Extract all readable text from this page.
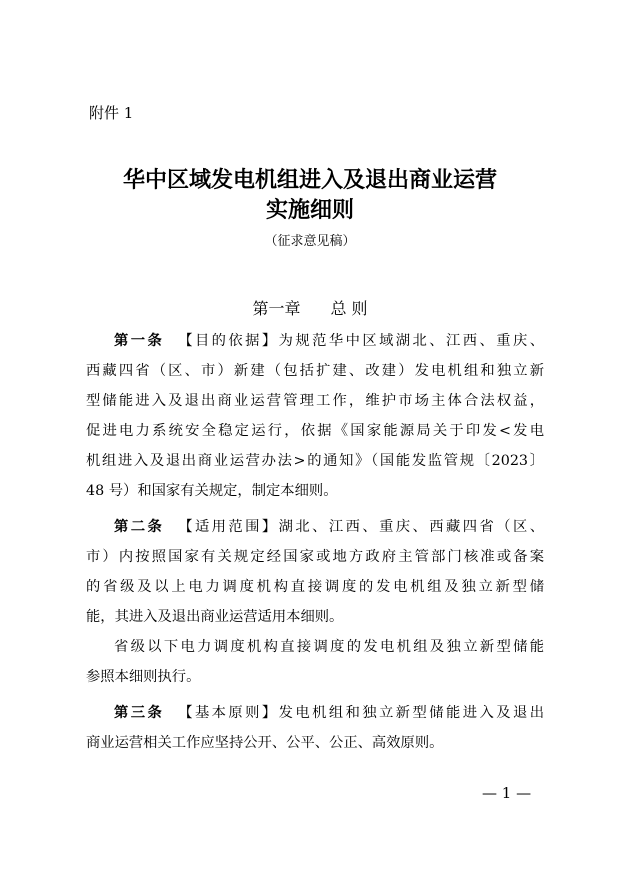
附件 1
华中区域发电机组进入及退出商业运营
实施细则
（征求意见稿）
第一章 总 则
第一条 【目的依据】为规范华中区域湖北、江西、重庆、
西藏四省（区、市）新建（包括扩建、改建）发电机组和独立新
型储能进入及退出商业运营管理工作，维护市场主体合法权益，
促进电力系统安全稳定运行，依据《国家能源局关于印发<发电
机组进入及退出商业运营办法>的通知》（国能发监管规〔2023〕
48 号）和国家有关规定，制定本细则。
第二条 【适用范围】湖北、江西、重庆、西藏四省（区、
市）内按照国家有关规定经国家或地方政府主管部门核准或备案
的省级及以上电力调度机构直接调度的发电机组及独立新型储
能，其进入及退出商业运营适用本细则。
省级以下电力调度机构直接调度的发电机组及独立新型储能
参照本细则执行。
第三条 【基本原则】发电机组和独立新型储能进入及退出
商业运营相关工作应坚持公开、公平、公正、高效原则。
— 1 —
